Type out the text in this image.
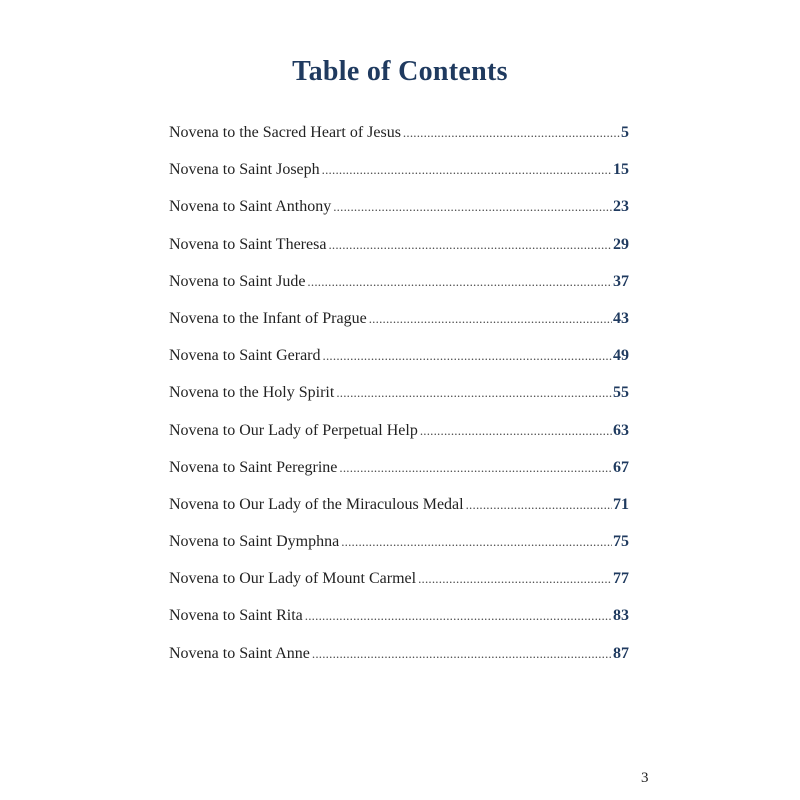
Table of Contents
Novena to the Sacred Heart of Jesus .....	5
Novena to Saint Joseph .....	15
Novena to Saint Anthony .....	23
Novena to Saint Theresa .....	29
Novena to Saint Jude .....	37
Novena to the Infant of Prague .....	43
Novena to Saint Gerard .....	49
Novena to the Holy Spirit .....	55
Novena to Our Lady of Perpetual Help .....	63
Novena to Saint Peregrine .....	67
Novena to Our Lady of the Miraculous Medal .....	71
Novena to Saint Dymphna .....	75
Novena to Our Lady of Mount Carmel .....	77
Novena to Saint Rita .....	83
Novena to Saint Anne .....	87
3
